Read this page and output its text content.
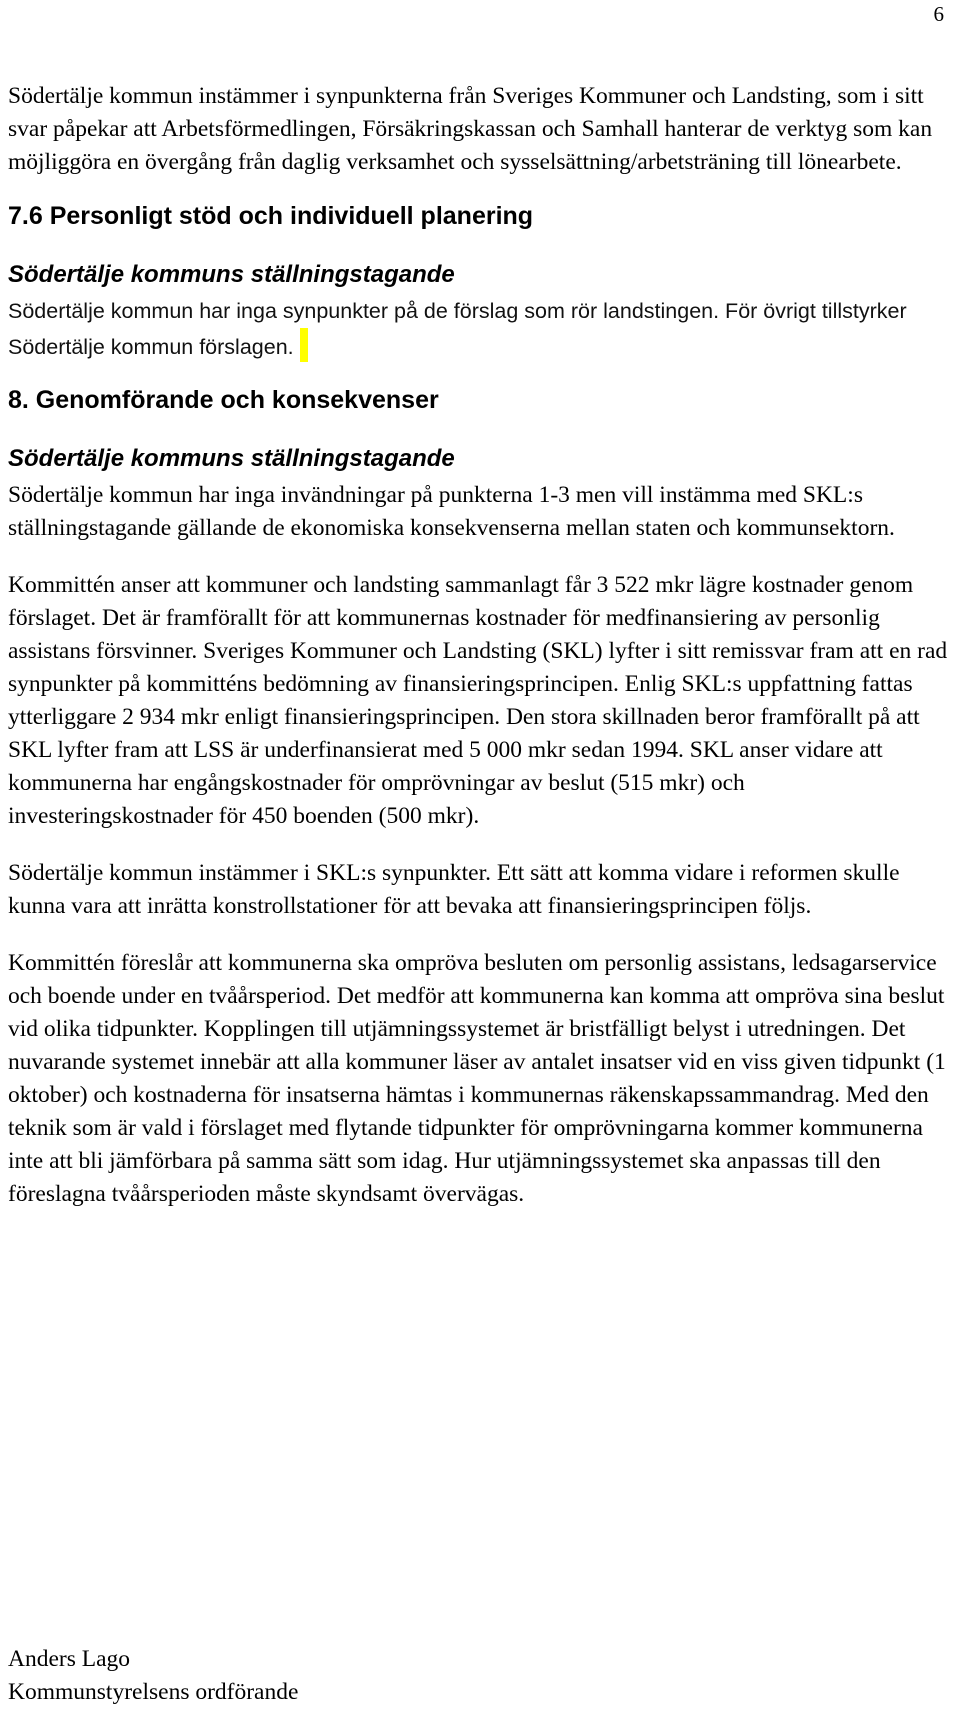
6

Södertälje kommun instämmer i synpunkterna från Sveriges Kommuner och Landsting, som i sitt svar påpekar att Arbetsförmedlingen, Försäkringskassan och Samhall hanterar de verktyg som kan möjliggöra en övergång från daglig verksamhet och sysselsättning/arbetsträning till lönearbete.

7.6 Personligt stöd och individuell planering
Södertälje kommuns ställningstagande

Södertälje kommun har inga synpunkter på de förslag som rör landstingen. För övrigt tillstyrker Södertälje kommun förslagen.

8. Genomförande och konsekvenser
Södertälje kommuns ställningstagande

Södertälje kommun har inga invändningar på punkterna 1-3 men vill instämma med SKL:s ställningstagande gällande de ekonomiska konsekvenserna mellan staten och kommunsektorn.

Kommittén anser att kommuner och landsting sammanlagt får 3 522 mkr lägre kostnader genom förslaget. Det är framförallt för att kommunernas kostnader för medfinansiering av personlig assistans försvinner. Sveriges Kommuner och Landsting (SKL) lyfter i sitt remissvar fram att en rad synpunkter på kommitténs bedömning av finansieringsprincipen. Enlig SKL:s uppfattning fattas ytterliggare 2 934 mkr enligt finansieringsprincipen. Den stora skillnaden beror framförallt på att SKL lyfter fram att LSS är underfinansierat med 5 000 mkr sedan 1994. SKL anser vidare att kommunerna har engångskostnader för omprövningar av beslut (515 mkr) och investeringskostnader för 450 boenden (500 mkr).

Södertälje kommun instämmer i SKL:s synpunkter. Ett sätt att komma vidare i reformen skulle kunna vara att inrätta konstrollstationer för att bevaka att finansieringsprincipen följs.

Kommittén föreslår att kommunerna ska ompröva besluten om personlig assistans, ledsagarservice och boende under en tvåårsperiod. Det medför att kommunerna kan komma att ompröva sina beslut vid olika tidpunkter. Kopplingen till utjämningssystemet är bristfälligt belyst i utredningen. Det nuvarande systemet innebär att alla kommuner läser av antalet insatser vid en viss given tidpunkt (1 oktober) och kostnaderna för insatserna hämtas i kommunernas räkenskapssammandrag. Med den teknik som är vald i förslaget med flytande tidpunkter för omprövningarna kommer kommunerna inte att bli jämförbara på samma sätt som idag. Hur utjämningssystemet ska anpassas till den föreslagna tvåårsperioden måste skyndsamt övervägas.

Anders Lago

Kommunstyrelsens ordförande
